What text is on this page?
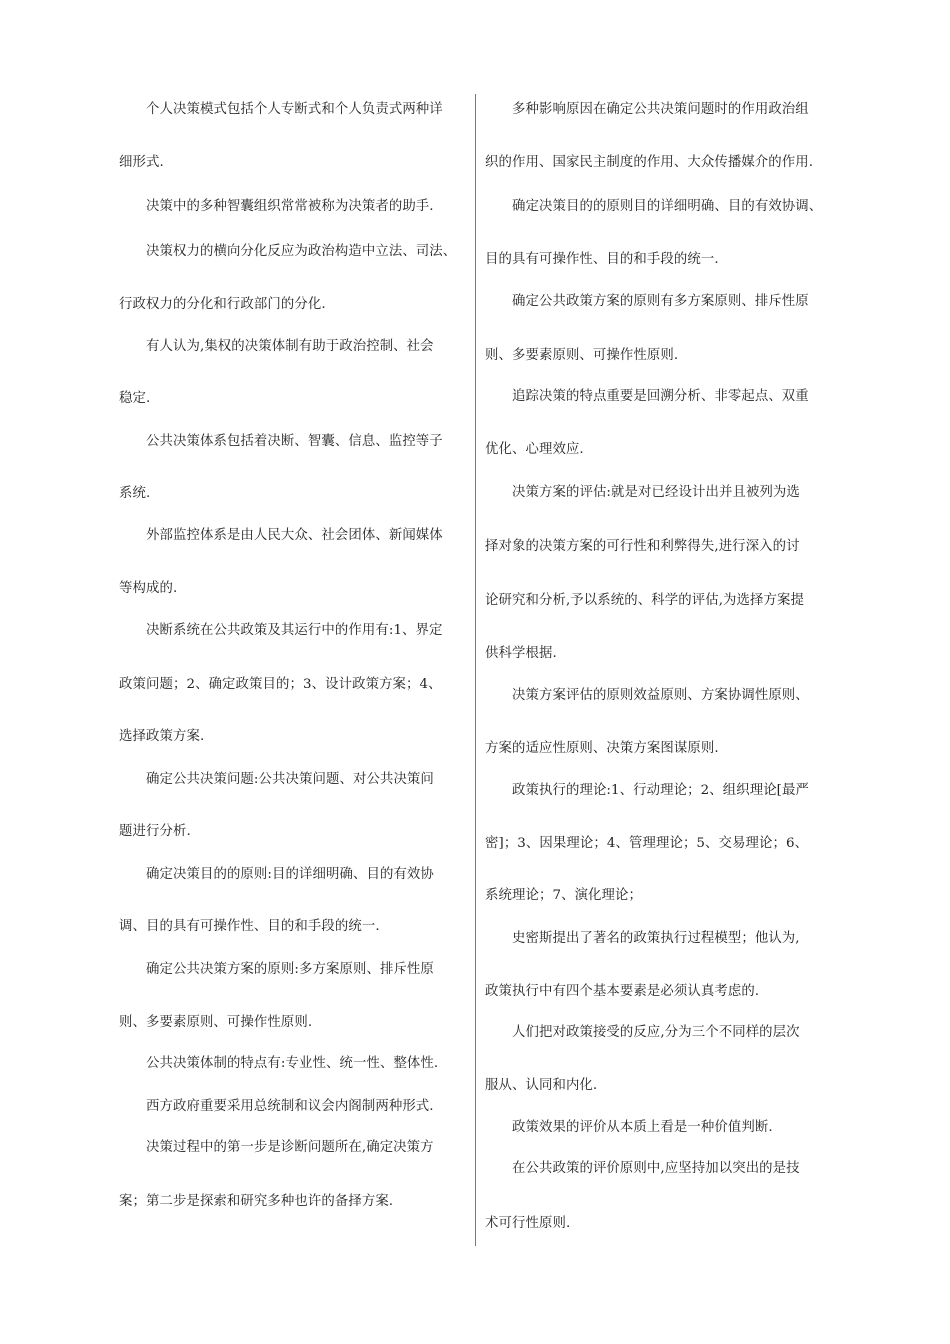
个人决策模式包括个人专断式和个人负责式两种详
细形式.
决策中的多种智囊组织常常被称为决策者的助手.
决策权力的横向分化反应为政治构造中立法、司法、
行政权力的分化和行政部门的分化.
有人认为,集权的决策体制有助于政治控制、社会
稳定.
公共决策体系包括着决断、智囊、信息、监控等子
系统.
外部监控体系是由人民大众、社会团体、新闻媒体
等构成的.
决断系统在公共政策及其运行中的作用有:1、界定
政策问题；2、确定政策目的；3、设计政策方案；4、
选择政策方案.
确定公共决策问题:公共决策问题、对公共决策问
题进行分析.
确定决策目的的原则:目的详细明确、目的有效协
调、目的具有可操作性、目的和手段的统一.
确定公共决策方案的原则:多方案原则、排斥性原
则、多要素原则、可操作性原则.
公共决策体制的特点有:专业性、统一性、整体性.
西方政府重要采用总统制和议会内阁制两种形式.
决策过程中的第一步是诊断问题所在,确定决策方
案；第二步是探索和研究多种也许的备择方案.
多种影响原因在确定公共决策问题时的作用政治组
织的作用、国家民主制度的作用、大众传播媒介的作用.
确定决策目的的原则目的详细明确、目的有效协调、
目的具有可操作性、目的和手段的统一.
确定公共政策方案的原则有多方案原则、排斥性原
则、多要素原则、可操作性原则.
追踪决策的特点重要是回溯分析、非零起点、双重
优化、心理效应.
决策方案的评估:就是对已经设计出并且被列为选
择对象的决策方案的可行性和利弊得失,进行深入的讨
论研究和分析,予以系统的、科学的评估,为选择方案提
供科学根据.
决策方案评估的原则效益原则、方案协调性原则、
方案的适应性原则、决策方案图谋原则.
政策执行的理论:1、行动理论；2、组织理论[最严
密]；3、因果理论；4、管理理论；5、交易理论；6、
系统理论；7、演化理论；
史密斯提出了著名的政策执行过程模型；他认为,
政策执行中有四个基本要素是必须认真考虑的.
人们把对政策接受的反应,分为三个不同样的层次
服从、认同和内化.
政策效果的评价从本质上看是一种价值判断.
在公共政策的评价原则中,应坚持加以突出的是技
术可行性原则.
